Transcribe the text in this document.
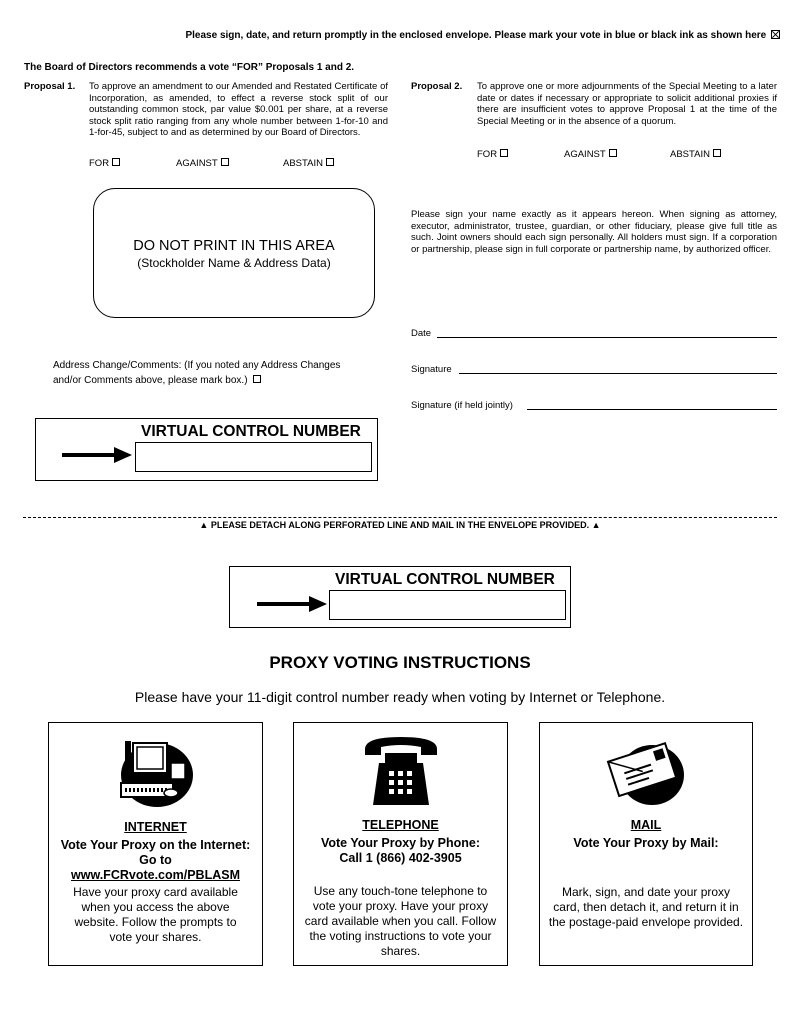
Please sign, date, and return promptly in the enclosed envelope. Please mark your vote in blue or black ink as shown here
The Board of Directors recommends a vote “FOR” Proposals 1 and 2.
Proposal 1. To approve an amendment to our Amended and Restated Certificate of Incorporation, as amended, to effect a reverse stock split of our outstanding common stock, par value $0.001 per share, at a reverse stock split ratio ranging from any whole number between 1-for-10 and 1-for-45, subject to and as determined by our Board of Directors.
FOR	AGAINST	ABSTAIN
Proposal 2. To approve one or more adjournments of the Special Meeting to a later date or dates if necessary or appropriate to solicit additional proxies if there are insufficient votes to approve Proposal 1 at the time of the Special Meeting or in the absence of a quorum.
FOR	AGAINST	ABSTAIN
DO NOT PRINT IN THIS AREA
(Stockholder Name & Address Data)
Please sign your name exactly as it appears hereon. When signing as attorney, executor, administrator, trustee, guardian, or other fiduciary, please give full title as such. Joint owners should each sign personally. All holders must sign. If a corporation or partnership, please sign in full corporate or partnership name, by authorized officer.
Date
Signature
Signature (if held jointly)
Address Change/Comments: (If you noted any Address Changes and/or Comments above, please mark box.)
VIRTUAL CONTROL NUMBER
▲ PLEASE DETACH ALONG PERFORATED LINE AND MAIL IN THE ENVELOPE PROVIDED. ▲
VIRTUAL CONTROL NUMBER
PROXY VOTING INSTRUCTIONS
Please have your 11-digit control number ready when voting by Internet or Telephone.
INTERNET
Vote Your Proxy on the Internet:
Go to
www.FCRvote.com/PBLASM
Have your proxy card available when you access the above website. Follow the prompts to vote your shares.
TELEPHONE
Vote Your Proxy by Phone:
Call 1 (866) 402-3905
Use any touch-tone telephone to vote your proxy. Have your proxy card available when you call. Follow the voting instructions to vote your shares.
MAIL
Vote Your Proxy by Mail:
Mark, sign, and date your proxy card, then detach it, and return it in the postage-paid envelope provided.
